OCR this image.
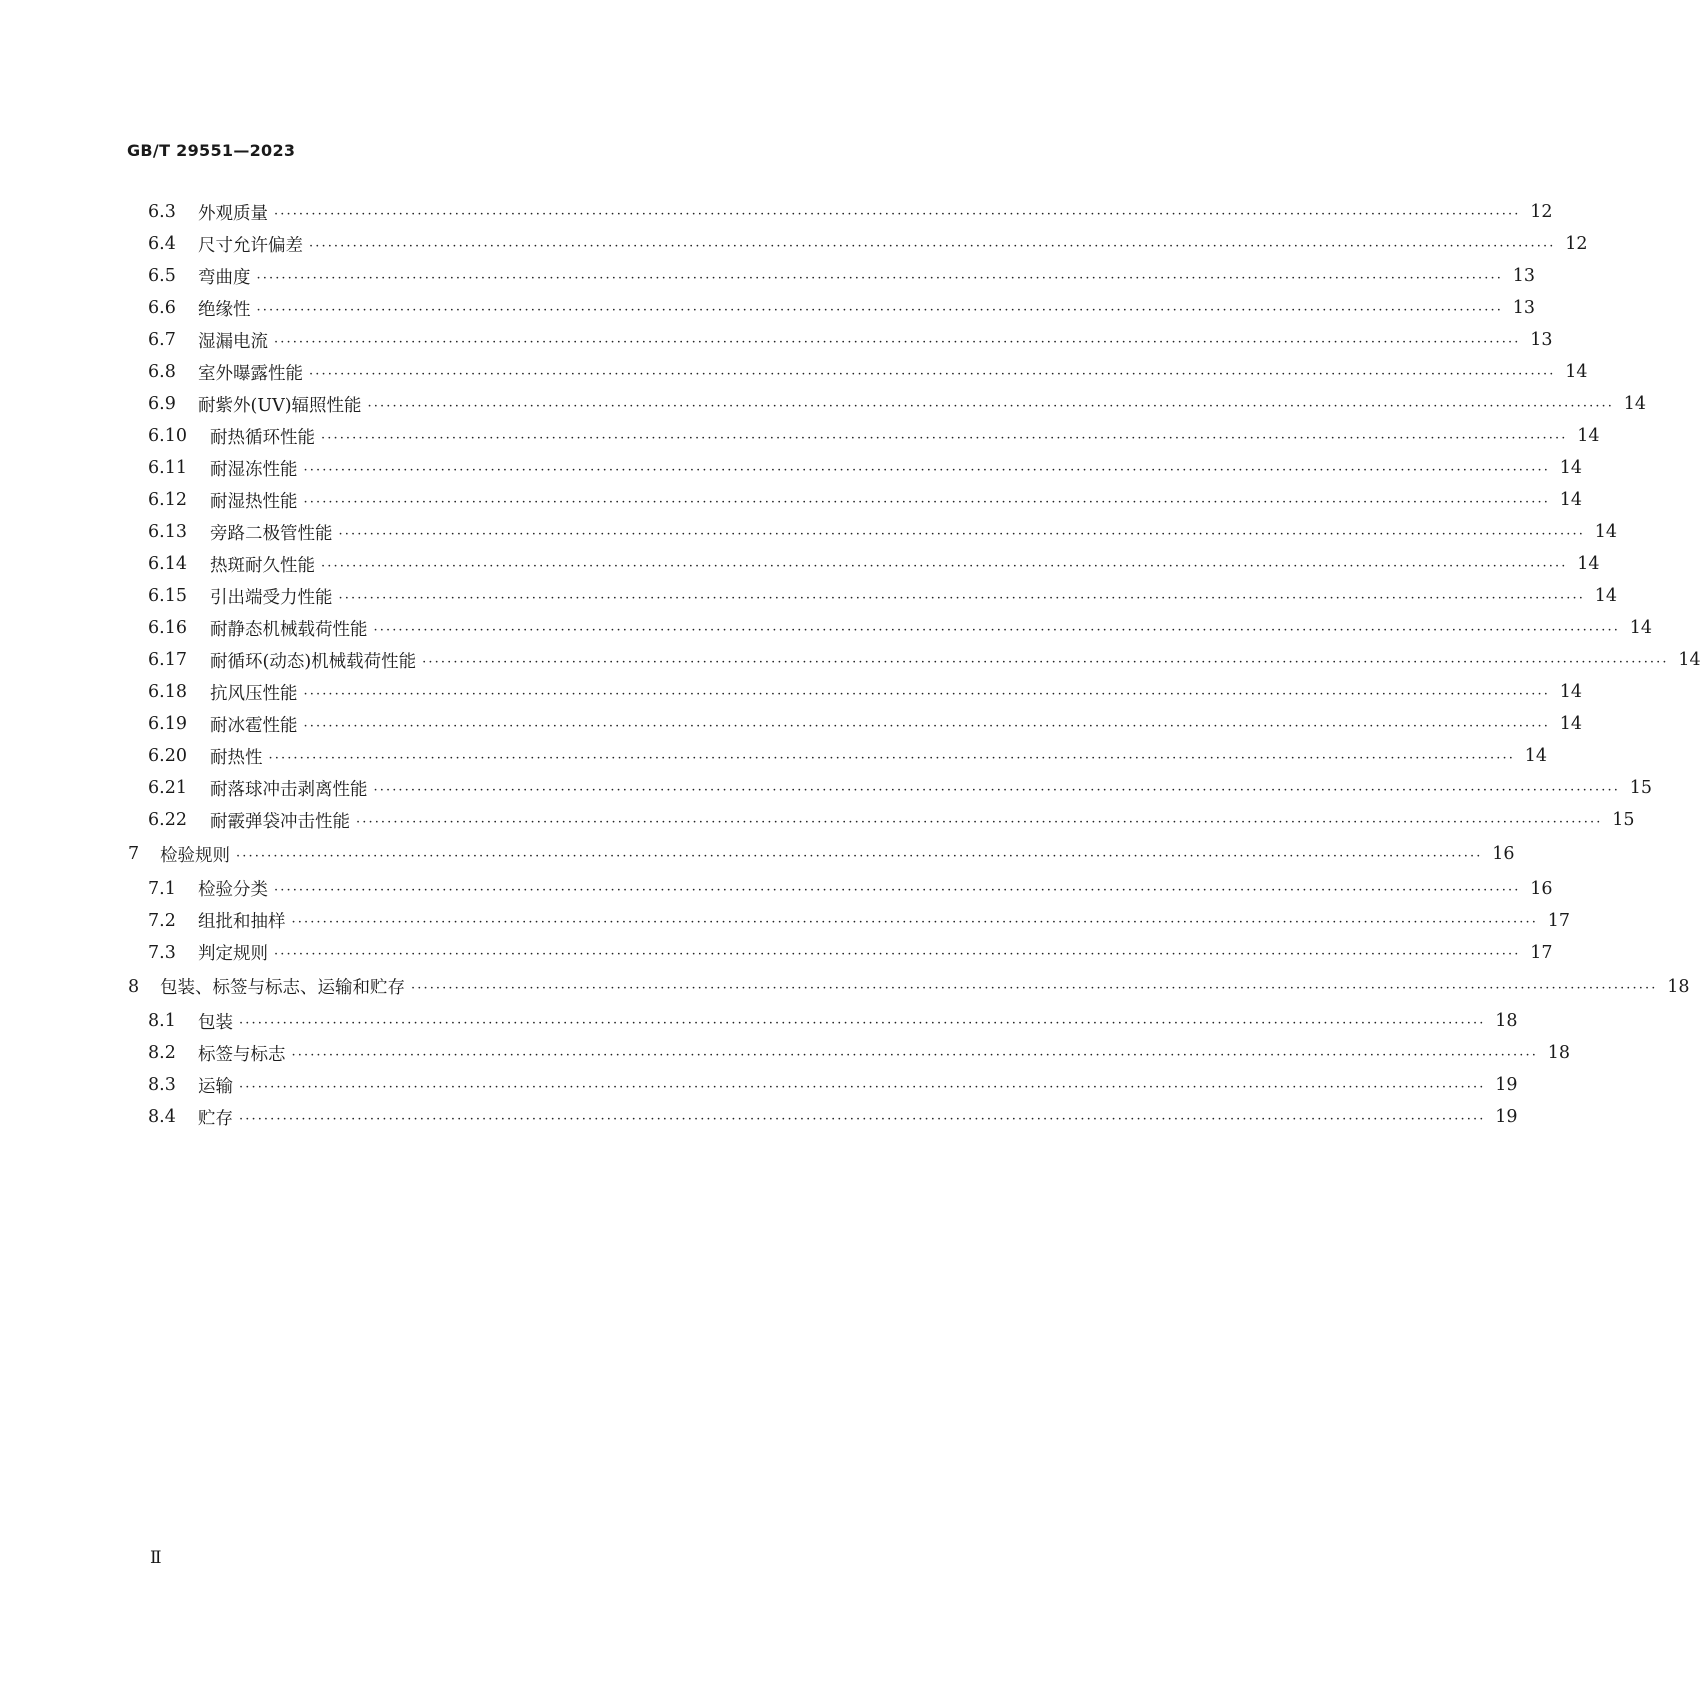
GB/T 29551—2023
6.3	外观质量 ········································································································································································································ 12
6.4	尺寸允许偏差 ········································································································································································································ 12
6.5	弯曲度 ········································································································································································································ 13
6.6	绝缘性 ········································································································································································································ 13
6.7	湿漏电流 ········································································································································································································ 13
6.8	室外曝露性能 ········································································································································································································ 14
6.9	耐紫外(UV)辐照性能 ········································································································································································································ 14
6.10	耐热循环性能 ········································································································································································································ 14
6.11	耐湿冻性能 ········································································································································································································ 14
6.12	耐湿热性能 ········································································································································································································ 14
6.13	旁路二极管性能 ········································································································································································································ 14
6.14	热斑耐久性能 ········································································································································································································ 14
6.15	引出端受力性能 ········································································································································································································ 14
6.16	耐静态机械载荷性能 ········································································································································································································ 14
6.17	耐循环(动态)机械载荷性能 ········································································································································································································ 14
6.18	抗风压性能 ········································································································································································································ 14
6.19	耐冰雹性能 ········································································································································································································ 14
6.20	耐热性 ········································································································································································································ 14
6.21	耐落球冲击剥离性能 ········································································································································································································ 15
6.22	耐霰弹袋冲击性能 ········································································································································································································ 15
7	检验规则 ········································································································································································································ 16
7.1	检验分类 ········································································································································································································ 16
7.2	组批和抽样 ········································································································································································································ 17
7.3	判定规则 ········································································································································································································ 17
8	包装、标签与标志、运输和贮存 ········································································································································································································ 18
8.1	包装 ········································································································································································································ 18
8.2	标签与标志 ········································································································································································································ 18
8.3	运输 ········································································································································································································ 19
8.4	贮存 ········································································································································································································ 19
Ⅱ
